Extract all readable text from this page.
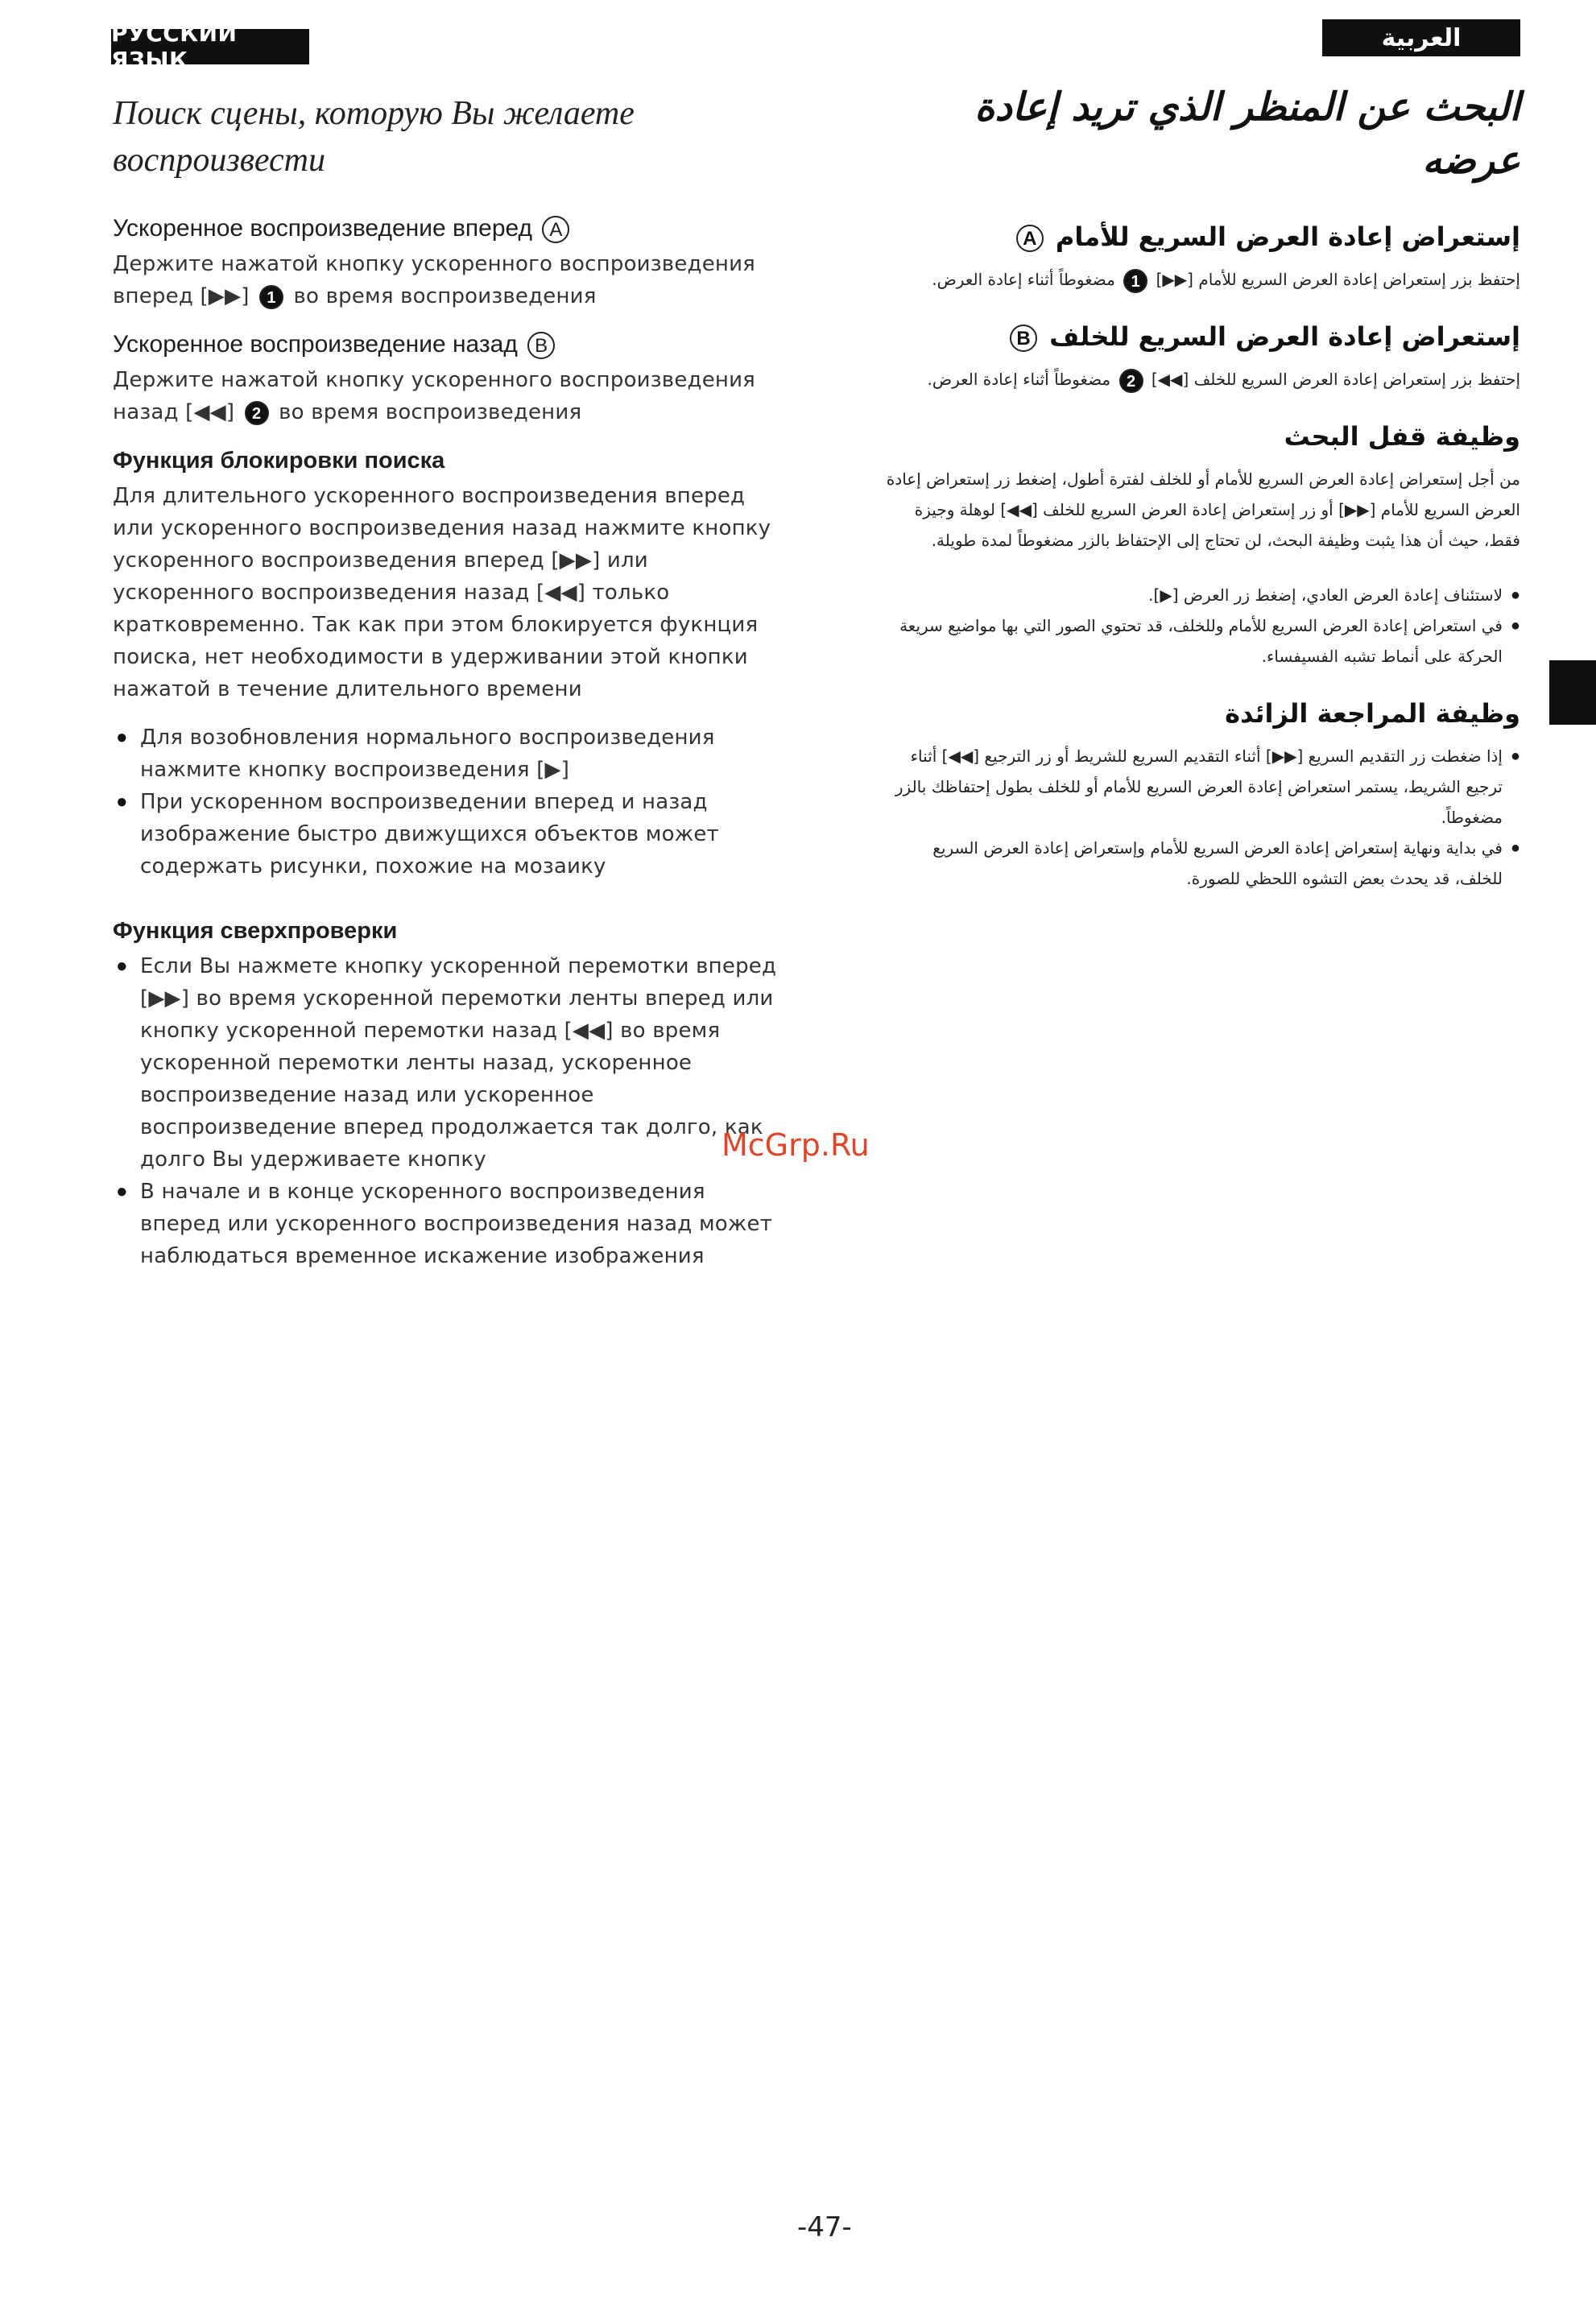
РУССКИЙ ЯЗЫК
العربية
Поиск сцены, которую Вы желаете воспроизвести
Ускоренное воспроизведение вперед A

Держите нажатой кнопку ускоренного воспроизведения вперед [▶▶] 1 во время воспроизведения

Ускоренное воспроизведение назад B

Держите нажатой кнопку ускоренного воспроизведения назад [◀◀] 2 во время воспроизведения

Функция блокировки поиска

Для длительного ускоренного воспроизведения вперед или ускоренного воспроизведения назад нажмите кнопку ускоренного воспроизведения вперед [▶▶] или ускоренного воспроизведения назад [◀◀] только кратковременно. Так как при этом блокируется фукнция поиска, нет необходимости в удерживании этой кнопки нажатой в течение длительного времени

● Для возобновления нормального воспроизведения нажмите кнопку воспроизведения [▶]
● При ускоренном воспроизведении вперед и назад изображение быстро движущихся объектов может содержать рисунки, похожие на мозаику
Функция сверхпроверки
● Если Вы нажмете кнопку ускоренной перемотки вперед [▶▶] во время ускоренной перемотки ленты вперед или кнопку ускоренной перемотки назад [◀◀] во время ускоренной перемотки ленты назад, ускоренное воспроизведение назад или ускоренное воспроизведение вперед продолжается так долго, как долго Вы удерживаете кнопку
● В начале и в конце ускоренного воспроизведения вперед или ускоренного воспроизведения назад может наблюдаться временное искажение изображения
البحث عن المنظر الذي تريد إعادة عرضه
إستعراض إعادة العرض السريع للأمام A

إحتفظ بزر إستعراض إعادة العرض السريع للأمام [▶▶] 1 مضغوطاً أثناء إعادة العرض.

إستعراض إعادة العرض السريع للخلف B

إحتفظ بزر إستعراض إعادة العرض السريع للخلف [◀◀] 2 مضغوطاً أثناء إعادة العرض.

وظيفة قفل البحث

من أجل إستعراض إعادة العرض السريع للأمام أو للخلف لفترة أطول، إضغط زر إستعراض إعادة العرض السريع للأمام [▶▶] أو زر إستعراض إعادة العرض السريع للخلف [◀◀] لوهلة وجيزة فقط، حيث أن هذا يثبت وظيفة البحث، لن تحتاج إلى الإحتفاظ بالزر مضغوطاً لمدة طويلة.

●
لاستئناف إعادة العرض العادي، إضغط زر العرض [▶].
●
في استعراض إعادة العرض السريع للأمام وللخلف، قد تحتوي الصور التي بها مواضيع سريعة الحركة على أنماط تشبه الفسيفساء.
وظيفة المراجعة الزائدة
●
إذا ضغطت زر التقديم السريع [▶▶] أثناء التقديم السريع للشريط أو زر الترجيع [◀◀] أثناء ترجيع الشريط، يستمر استعراض إعادة العرض السريع للأمام أو للخلف بطول إحتفاظك بالزر مضغوطاً.
●
في بداية ونهاية إستعراض إعادة العرض السريع للأمام وإستعراض إعادة العرض السريع للخلف، قد يحدث بعض التشوه اللحظي للصورة.
McGrp.Ru
-47-
